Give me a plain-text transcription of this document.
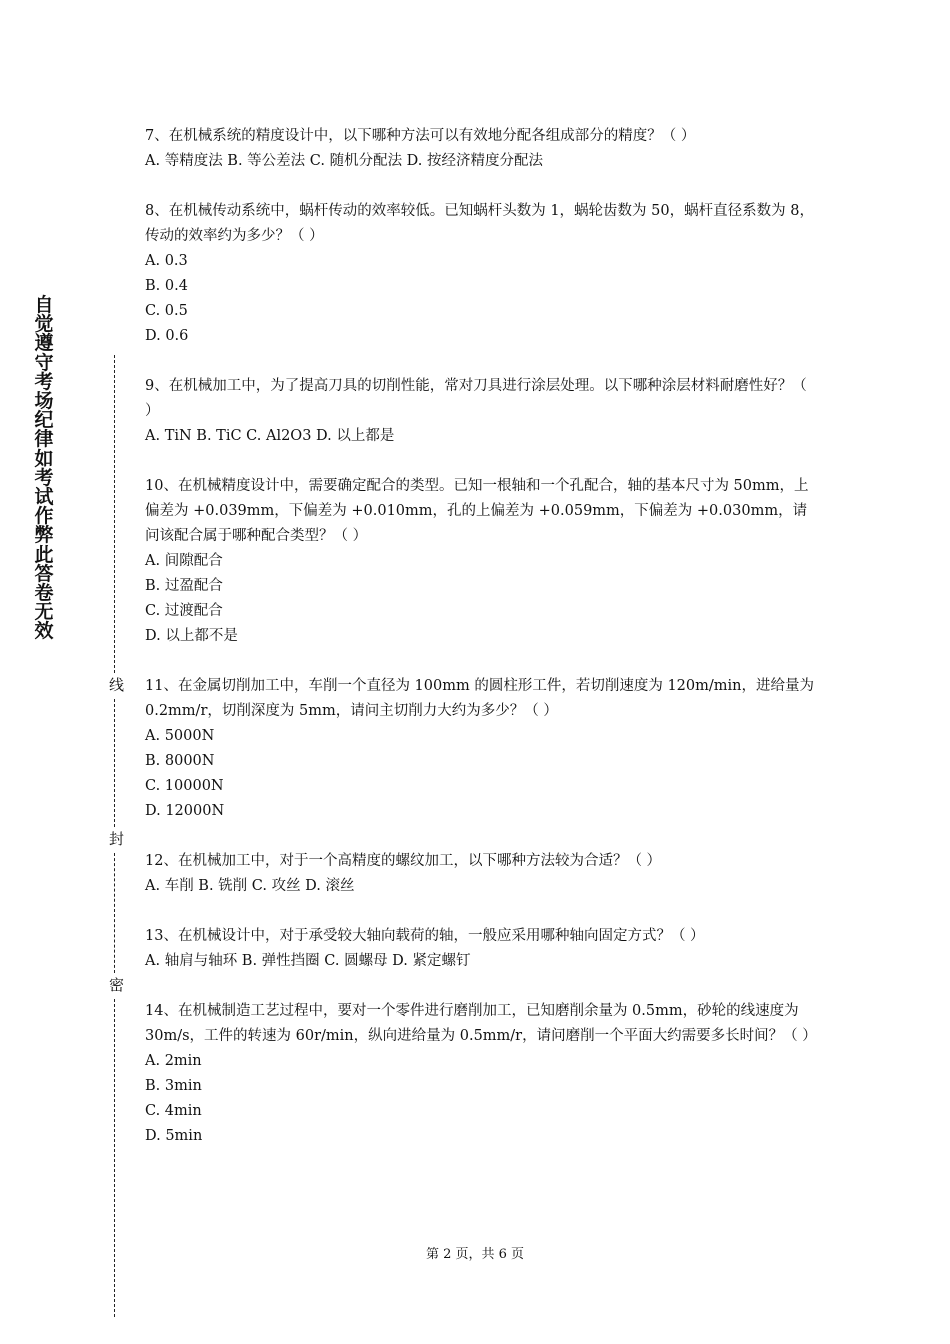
自觉遵守考场纪律如考试作弊此答卷无效
线
封
密

7、在机械系统的精度设计中，以下哪种方法可以有效地分配各组成部分的精度？（ ）

A. 等精度法 B. 等公差法 C. 随机分配法 D. 按经济精度分配法

8、在机械传动系统中，蜗杆传动的效率较低。已知蜗杆头数为 1，蜗轮齿数为 50，蜗杆直径系数为 8，传动的效率约为多少？（ ）

A. 0.3

B. 0.4

C. 0.5

D. 0.6

9、在机械加工中，为了提高刀具的切削性能，常对刀具进行涂层处理。以下哪种涂层材料耐磨性好？（ ）

A. TiN B. TiC C. Al2O3 D. 以上都是

10、在机械精度设计中，需要确定配合的类型。已知一根轴和一个孔配合，轴的基本尺寸为 50mm，上偏差为 +0.039mm，下偏差为 +0.010mm，孔的上偏差为 +0.059mm，下偏差为 +0.030mm，请问该配合属于哪种配合类型？（ ）

A. 间隙配合

B. 过盈配合

C. 过渡配合

D. 以上都不是

11、在金属切削加工中，车削一个直径为 100mm 的圆柱形工件，若切削速度为 120m/min，进给量为 0.2mm/r，切削深度为 5mm，请问主切削力大约为多少？（ ）

A. 5000N

B. 8000N

C. 10000N

D. 12000N

12、在机械加工中，对于一个高精度的螺纹加工，以下哪种方法较为合适？（ ）

A. 车削 B. 铣削 C. 攻丝 D. 滚丝

13、在机械设计中，对于承受较大轴向载荷的轴，一般应采用哪种轴向固定方式？（ ）

A. 轴肩与轴环 B. 弹性挡圈 C. 圆螺母 D. 紧定螺钉

14、在机械制造工艺过程中，要对一个零件进行磨削加工，已知磨削余量为 0.5mm，砂轮的线速度为 30m/s，工件的转速为 60r/min，纵向进给量为 0.5mm/r，请问磨削一个平面大约需要多长时间？（ ）

A. 2min

B. 3min

C. 4min

D. 5min

第 2 页，共 6 页
